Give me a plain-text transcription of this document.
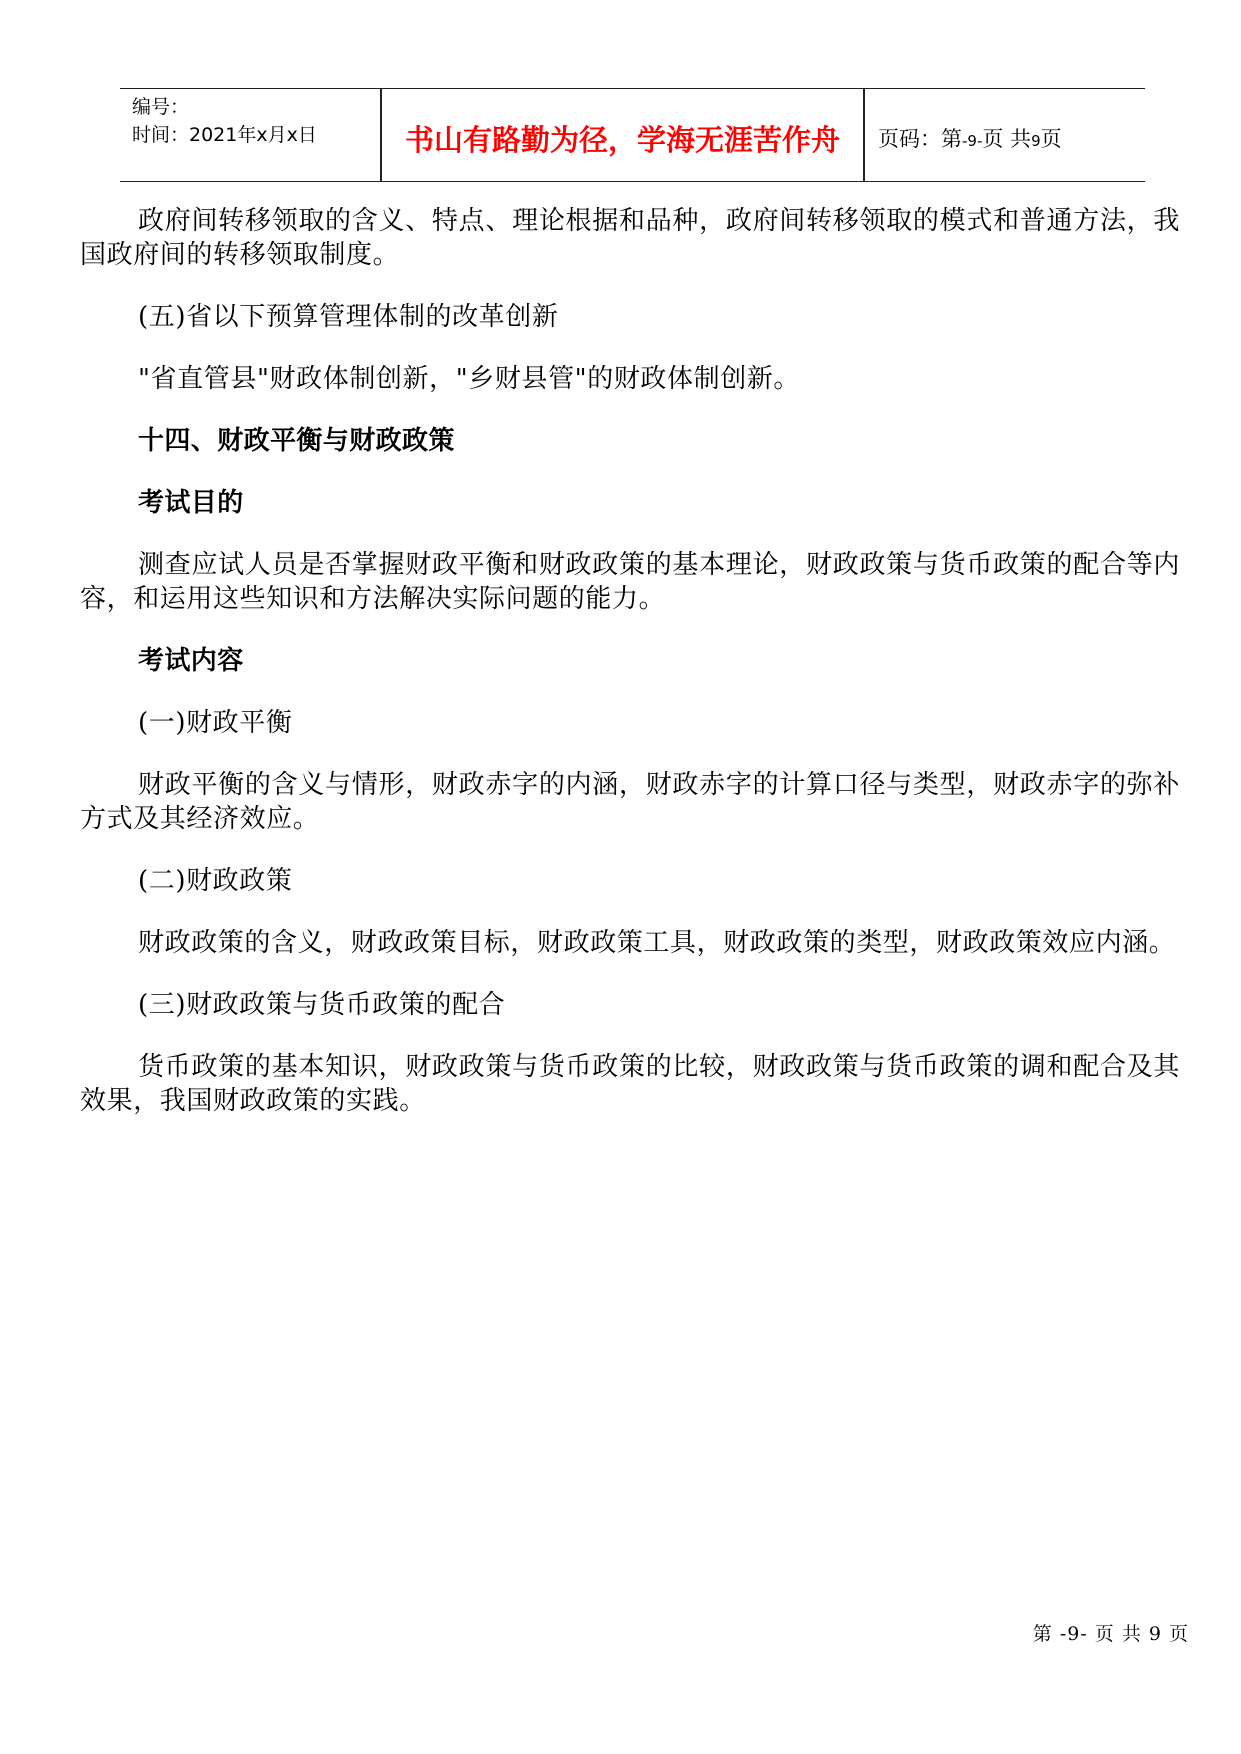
编号：
时间：2021年x月x日	书山有路勤为径，学海无涯苦作舟	页码：第-9-页 共9页

政府间转移领取的含义、特点、理论根据和品种，政府间转移领取的模式和普通方法，我国政府间的转移领取制度。

(五)省以下预算管理体制的改革创新

"省直管县"财政体制创新，"乡财县管"的财政体制创新。

十四、财政平衡与财政政策

考试目的

测查应试人员是否掌握财政平衡和财政政策的基本理论，财政政策与货币政策的配合等内容，和运用这些知识和方法解决实际问题的能力。

考试内容

(一)财政平衡

财政平衡的含义与情形，财政赤字的内涵，财政赤字的计算口径与类型，财政赤字的弥补方式及其经济效应。

(二)财政政策

财政政策的含义，财政政策目标，财政政策工具，财政政策的类型，财政政策效应内涵。

(三)财政政策与货币政策的配合

货币政策的基本知识，财政政策与货币政策的比较，财政政策与货币政策的调和配合及其效果，我国财政政策的实践。

第 -9- 页 共 9 页
